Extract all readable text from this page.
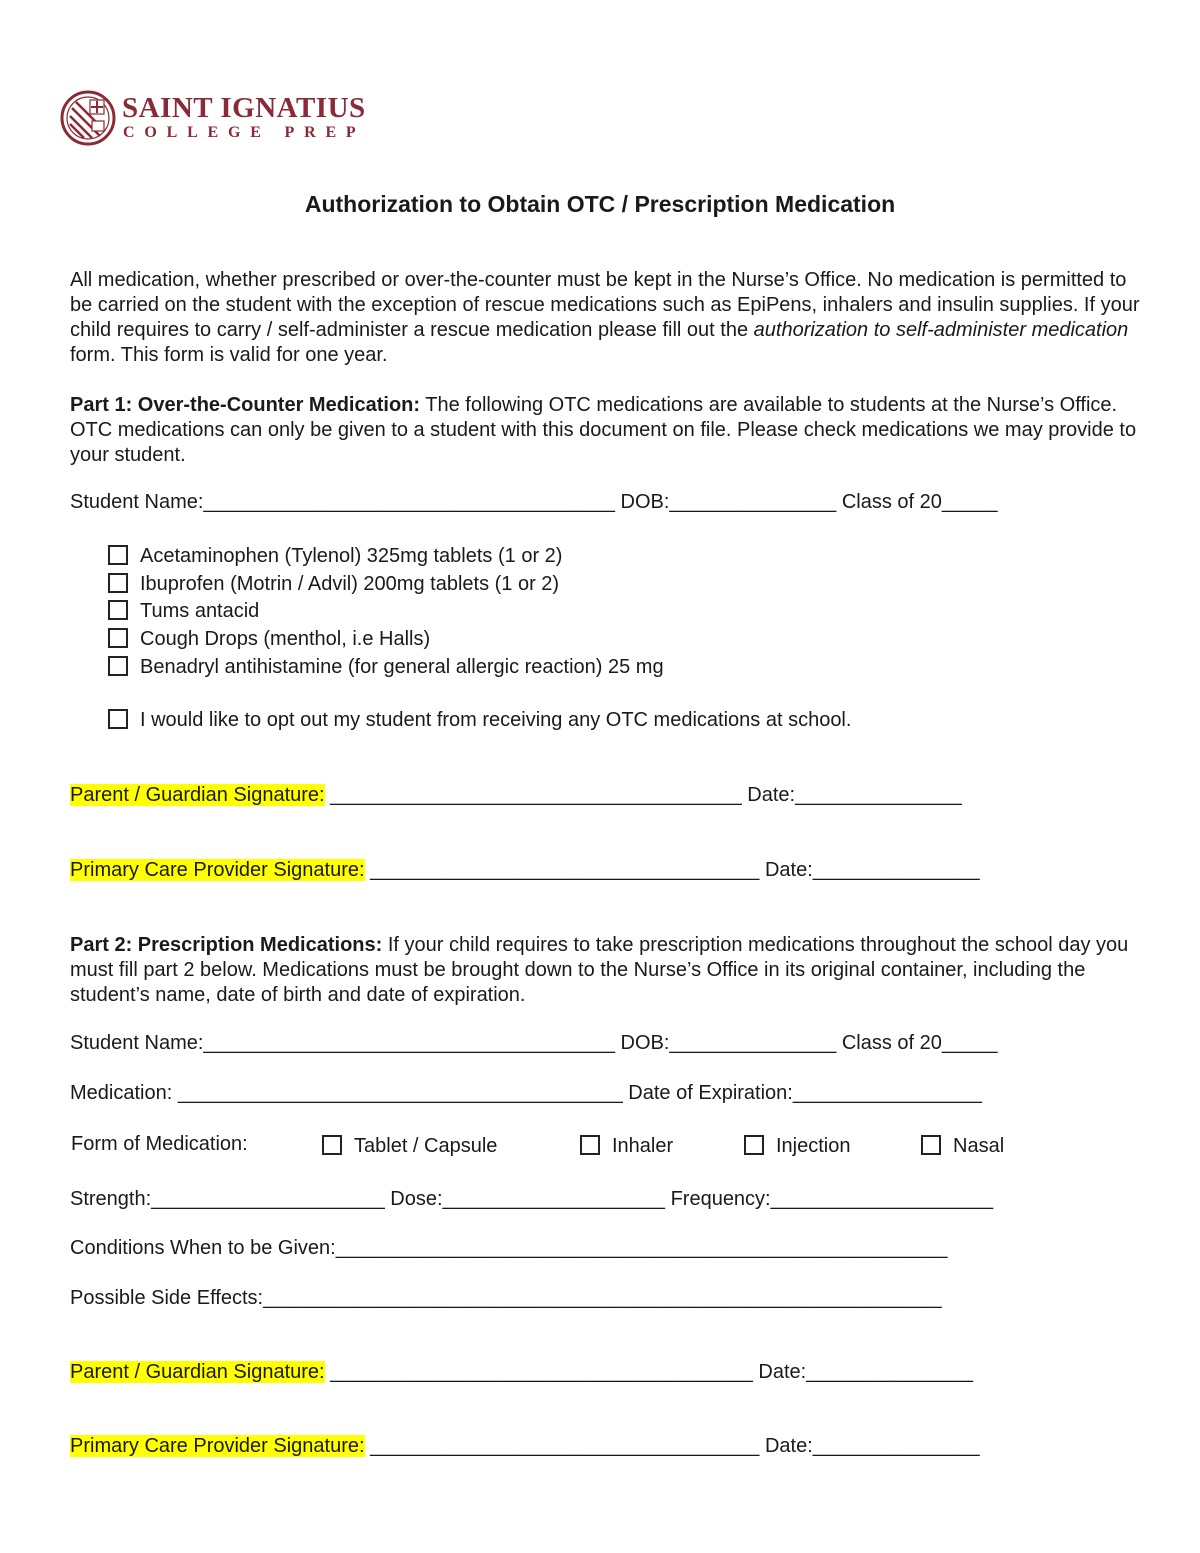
SAINT IGNATIUS
COLLEGE PREP
Authorization to Obtain OTC / Prescription Medication
All medication, whether prescribed or over-the-counter must be kept in the Nurse’s Office. No medication is permitted to be carried on the student with the exception of rescue medications such as EpiPens, inhalers and insulin supplies. If your child requires to carry / self-administer a rescue medication please fill out the authorization to self-administer medication form. This form is valid for one year.
Part 1: Over-the-Counter Medication: The following OTC medications are available to students at the Nurse’s Office. OTC medications can only be given to a student with this document on file. Please check medications we may provide to your student.
Student Name:_____________________________________ DOB:_______________ Class of 20_____
Acetaminophen (Tylenol) 325mg tablets (1 or 2)
Ibuprofen (Motrin / Advil) 200mg tablets (1 or 2)
Tums antacid
Cough Drops (menthol, i.e Halls)
Benadryl antihistamine (for general allergic reaction) 25 mg
I would like to opt out my student from receiving any OTC medications at school.
Parent / Guardian Signature: _____________________________________ Date:_______________
Primary Care Provider Signature: ___________________________________ Date:_______________
Part 2: Prescription Medications: If your child requires to take prescription medications throughout the school day you must fill part 2 below. Medications must be brought down to the Nurse’s Office in its original container, including the student’s name, date of birth and date of expiration.
Student Name:_____________________________________ DOB:_______________ Class of 20_____
Medication: ________________________________________ Date of Expiration:_________________
Form of Medication:	Tablet / Capsule	Inhaler	Injection	Nasal
Strength:_____________________ Dose:____________________ Frequency:____________________
Conditions When to be Given:_______________________________________________________
Possible Side Effects:_____________________________________________________________
Parent / Guardian Signature: ______________________________________ Date:_______________
Primary Care Provider Signature: ___________________________________ Date:_______________
